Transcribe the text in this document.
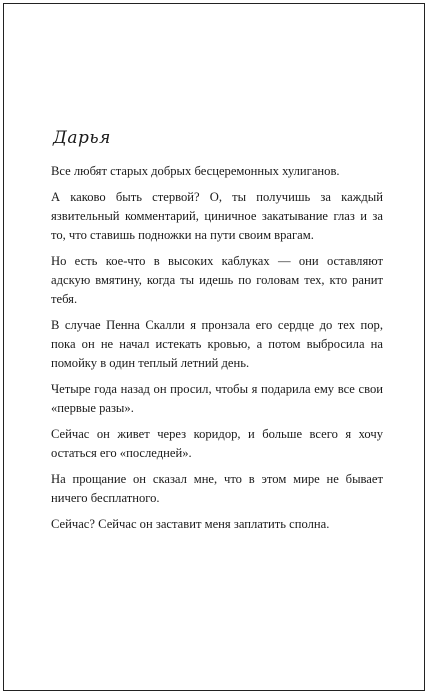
Дарья

Все любят старых добрых бесцеремонных хулиганов.

А каково быть стервой? О, ты получишь за каждый язвительный комментарий, циничное закатывание глаз и за то, что ставишь подножки на пути своим врагам.

Но есть кое-что в высоких каблуках — они оставляют адскую вмятину, когда ты идешь по головам тех, кто ранит тебя.

В случае Пенна Скалли я пронзала его сердце до тех пор, пока он не начал истекать кровью, а потом выбросила на помойку в один теплый летний день.

Четыре года назад он просил, чтобы я подарила ему все свои «первые разы».

Сейчас он живет через коридор, и больше всего я хочу остаться его «последней».

На прощание он сказал мне, что в этом мире не бывает ничего бесплатного.

Сейчас? Сейчас он заставит меня заплатить сполна.
